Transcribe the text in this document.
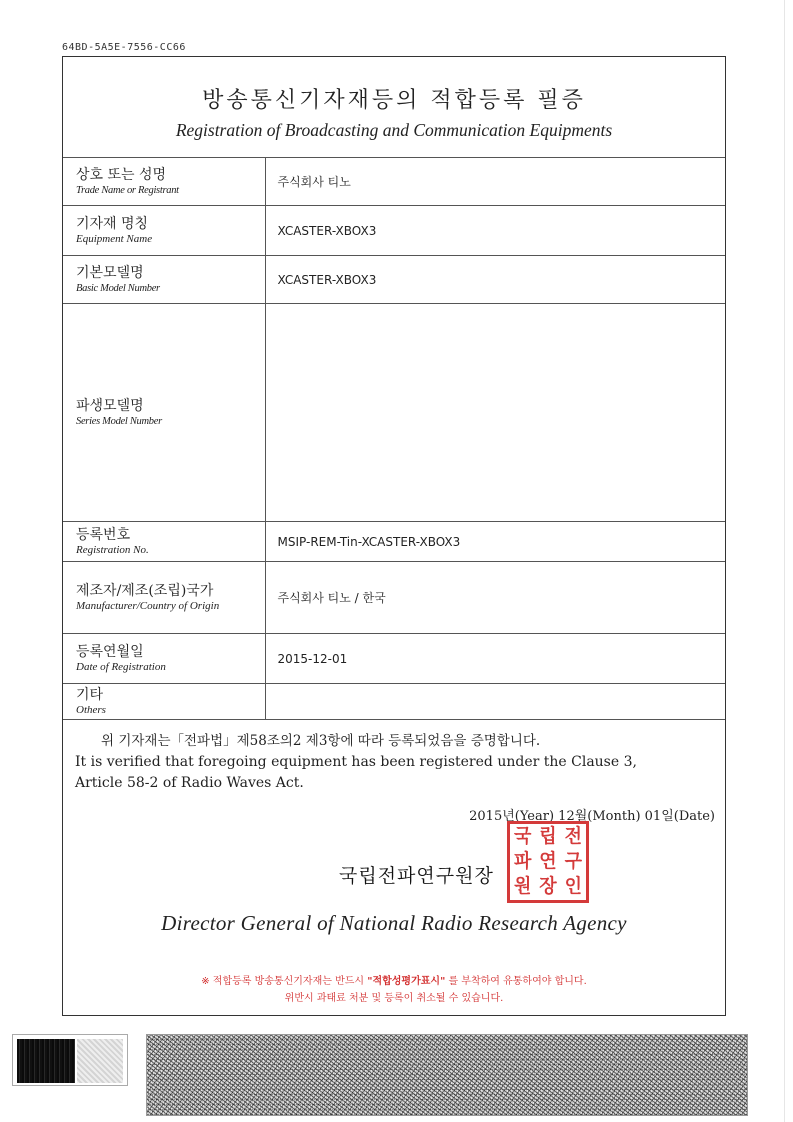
64BD-5A5E-7556-CC66
방송통신기자재등의 적합등록 필증
Registration of Broadcasting and Communication Equipments
상호 또는 성명
Trade Name or Registrant	주식회사 티노

기자재 명칭
Equipment Name	XCASTER-XBOX3

기본모델명
Basic Model Number	XCASTER-XBOX3

파생모델명
Series Model Number	

등록번호
Registration No.	MSIP-REM-Tin-XCASTER-XBOX3

제조자/제조(조립)국가
Manufacturer/Country of Origin	주식회사 티노 / 한국

등록연월일
Date of Registration	2015-12-01

기타
Others	

위 기자재는「전파법」제58조의2 제3항에 따라 등록되었음을 증명합니다.
It is verified that foregoing equipment has been registered under the Clause 3,
Article 58-2 of Radio Waves Act.
2015년(Year) 12월(Month) 01일(Date)
국립전파연구원장
국 립 전
파 연 구
원 장 인
Director General of National Radio Research Agency
※ 적합등록 방송통신기자재는 반드시 "적합성평가표시" 를 부착하여 유통하여야 합니다.
위반시 과태료 처분 및 등록이 취소될 수 있습니다.
